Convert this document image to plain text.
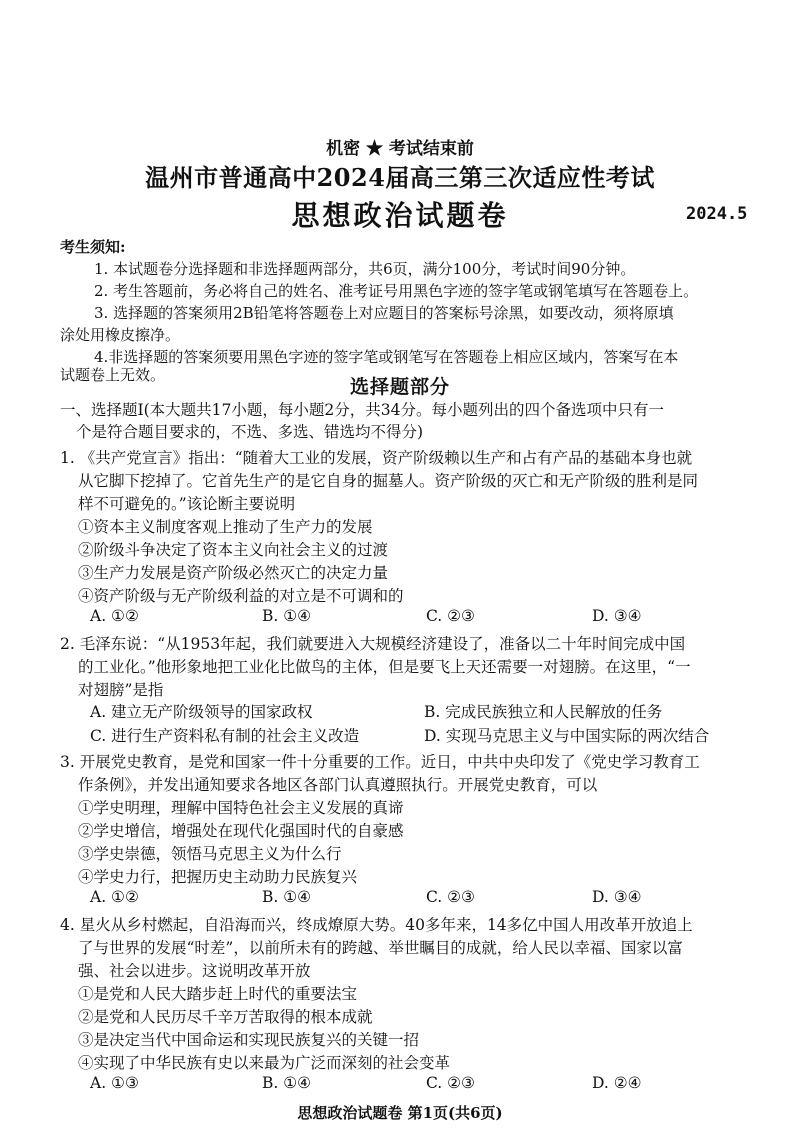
机密 ★ 考试结束前
温州市普通高中2024届高三第三次适应性考试
思想政治试题卷	2024.5
考生须知:
1. 本试题卷分选择题和非选择题两部分，共6页，满分100分，考试时间90分钟。
2. 考生答题前，务必将自己的姓名、准考证号用黑色字迹的签字笔或钢笔填写在答题卷上。
3. 选择题的答案须用2B铅笔将答题卷上对应题目的答案标号涂黑，如要改动，须将原填
涂处用橡皮擦净。
4.非选择题的答案须要用黑色字迹的签字笔或钢笔写在答题卷上相应区域内，答案写在本
试题卷上无效。
选择题部分
一、选择题Ⅰ(本大题共17小题，每小题2分，共34分。每小题列出的四个备选项中只有一
个是符合题目要求的，不选、多选、错选均不得分)
1. 《共产党宣言》指出：“随着大工业的发展，资产阶级赖以生产和占有产品的基础本身也就
从它脚下挖掉了。它首先生产的是它自身的掘墓人。资产阶级的灭亡和无产阶级的胜利是同
样不可避免的。”该论断主要说明
①资本主义制度客观上推动了生产力的发展
②阶级斗争决定了资本主义向社会主义的过渡
③生产力发展是资产阶级必然灭亡的决定力量
④资产阶级与无产阶级利益的对立是不可调和的
A. ①②	B. ①④	C. ②③	D. ③④
2. 毛泽东说：“从1953年起，我们就要进入大规模经济建设了，准备以二十年时间完成中国
的工业化。”他形象地把工业化比做鸟的主体，但是要飞上天还需要一对翅膀。在这里，“一
对翅膀”是指
A. 建立无产阶级领导的国家政权	B. 完成民族独立和人民解放的任务
C. 进行生产资料私有制的社会主义改造	D. 实现马克思主义与中国实际的两次结合
3. 开展党史教育，是党和国家一件十分重要的工作。近日，中共中央印发了《党史学习教育工
作条例》，并发出通知要求各地区各部门认真遵照执行。开展党史教育，可以
①学史明理，理解中国特色社会主义发展的真谛
②学史增信，增强处在现代化强国时代的自豪感
③学史崇德，领悟马克思主义为什么行
④学史力行，把握历史主动助力民族复兴
A. ①②	B. ①④	C. ②③	D. ③④
4. 星火从乡村燃起，自沿海而兴，终成燎原大势。40多年来，14多亿中国人用改革开放追上
了与世界的发展“时差”，以前所未有的跨越、举世瞩目的成就，给人民以幸福、国家以富
强、社会以进步。这说明改革开放
①是党和人民大踏步赶上时代的重要法宝
②是党和人民历尽千辛万苦取得的根本成就
③是决定当代中国命运和实现民族复兴的关键一招
④实现了中华民族有史以来最为广泛而深刻的社会变革
A. ①③	B. ①④	C. ②③	D. ②④
思想政治试题卷 第1页(共6页)
